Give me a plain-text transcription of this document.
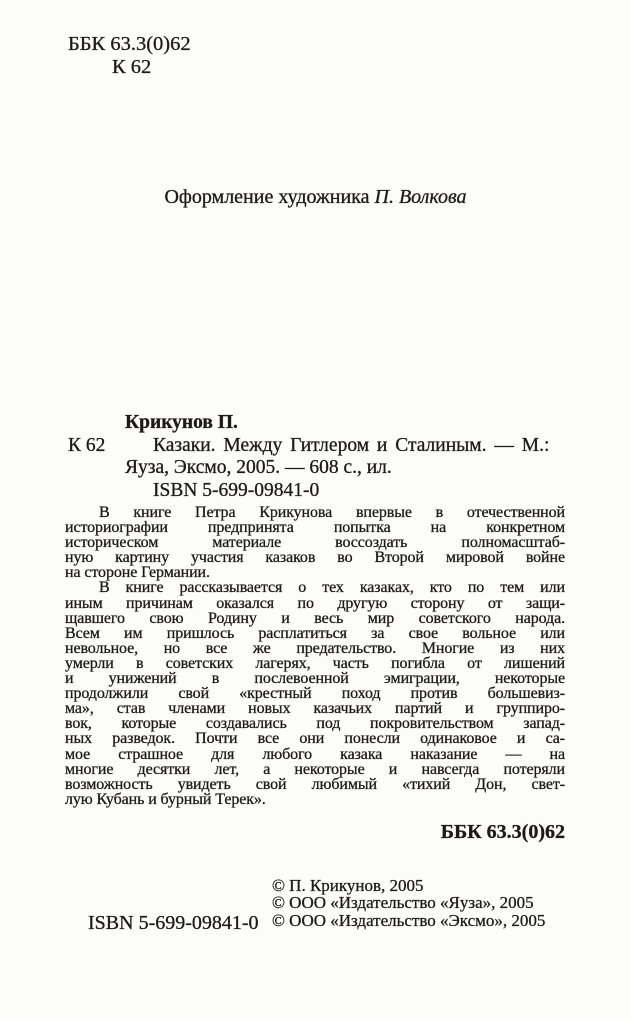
ББК 63.3(0)62
К 62
Оформление художника П. Волкова
Крикунов П.
К 62 Казаки. Между Гитлером и Сталиным. — М.:
Яуза, Эксмо, 2005. — 608 с., ил.
ISBN 5-699-09841-0
В книге Петра Крикунова впервые в отечественной
историографии предпринята попытка на конкретном
историческом материале воссоздать полномасштаб-
ную картину участия казаков во Второй мировой войне
на стороне Германии.
В книге рассказывается о тех казаках, кто по тем или
иным причинам оказался по другую сторону от защи-
щавшего свою Родину и весь мир советского народа.
Всем им пришлось расплатиться за свое вольное или
невольное, но все же предательство. Многие из них
умерли в советских лагерях, часть погибла от лишений
и унижений в послевоенной эмиграции, некоторые
продолжили свой «крестный поход против большевиз-
ма», став членами новых казачьих партий и группиро-
вок, которые создавались под покровительством запад-
ных разведок. Почти все они понесли одинаковое и са-
мое страшное для любого казака наказание — на
многие десятки лет, а некоторые и навсегда потеряли
возможность увидеть свой любимый «тихий Дон, свет-
лую Кубань и бурный Терек».
ББК 63.3(0)62
© П. Крикунов, 2005
© ООО «Издательство «Яуза», 2005
© ООО «Издательство «Эксмо», 2005
ISBN 5-699-09841-0
